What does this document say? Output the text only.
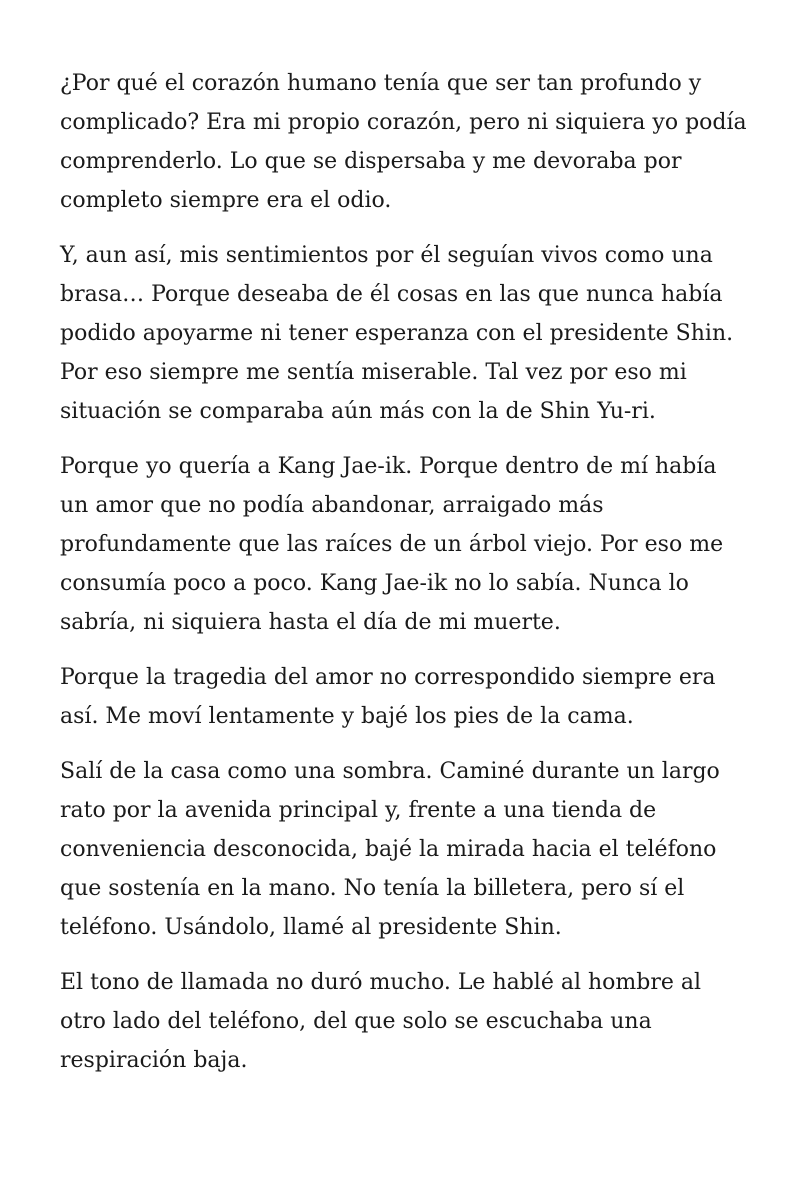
¿Por qué el corazón humano tenía que ser tan profundo y complicado? Era mi propio corazón, pero ni siquiera yo podía comprenderlo. Lo que se dispersaba y me devoraba por completo siempre era el odio.

Y, aun así, mis sentimientos por él seguían vivos como una brasa… Porque deseaba de él cosas en las que nunca había podido apoyarme ni tener esperanza con el presidente Shin. Por eso siempre me sentía miserable. Tal vez por eso mi situación se comparaba aún más con la de Shin Yu-ri.

Porque yo quería a Kang Jae-ik. Porque dentro de mí había un amor que no podía abandonar, arraigado más profundamente que las raíces de un árbol viejo. Por eso me consumía poco a poco. Kang Jae-ik no lo sabía. Nunca lo sabría, ni siquiera hasta el día de mi muerte.

Porque la tragedia del amor no correspondido siempre era así. Me moví lentamente y bajé los pies de la cama.

Salí de la casa como una sombra. Caminé durante un largo rato por la avenida principal y, frente a una tienda de conveniencia desconocida, bajé la mirada hacia el teléfono que sostenía en la mano. No tenía la billetera, pero sí el teléfono. Usándolo, llamé al presidente Shin.

El tono de llamada no duró mucho. Le hablé al hombre al otro lado del teléfono, del que solo se escuchaba una respiración baja.
